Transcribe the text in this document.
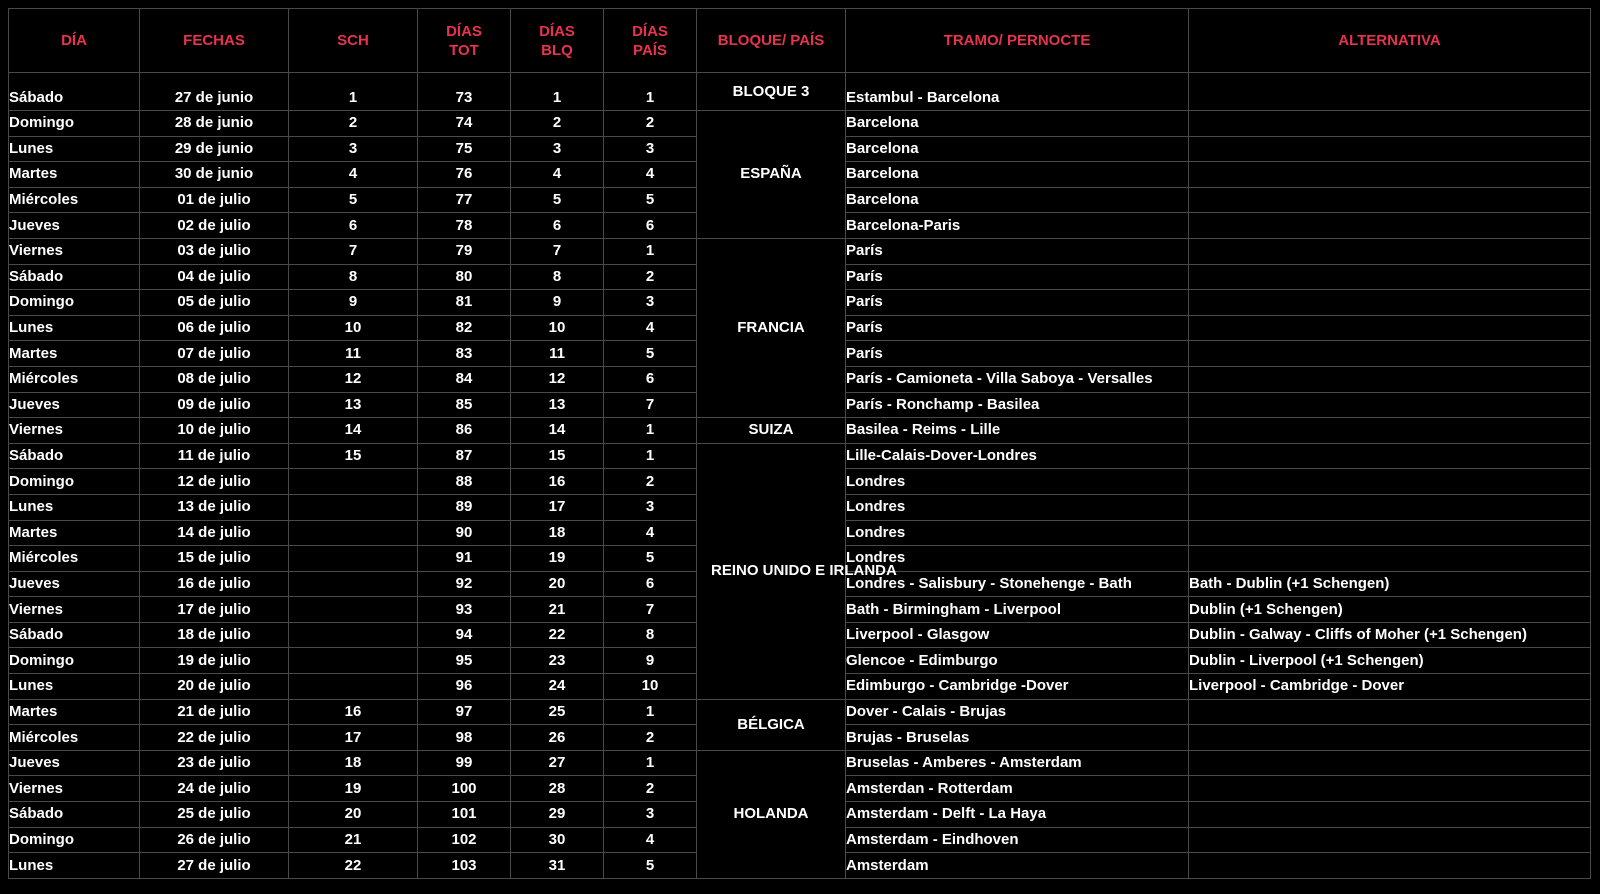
DÍA	FECHAS	SCH	DÍAS TOT	DÍAS BLQ	DÍAS PAÍS	BLOQUE/ PAÍS	TRAMO/ PERNOCTE	ALTERNATIVA
Sábado	27 de junio	1	73	1	1	BLOQUE 3	Estambul - Barcelona	
Domingo	28 de junio	2	74	2	2	ESPAÑA	Barcelona	
Lunes	29 de junio	3	75	3	3		Barcelona	
Martes	30 de junio	4	76	4	4		Barcelona	
Miércoles	01 de julio	5	77	5	5		Barcelona	
Jueves	02 de julio	6	78	6	6		Barcelona-Paris	
Viernes	03 de julio	7	79	7	1	FRANCIA	París	
Sábado	04 de julio	8	80	8	2		París	
Domingo	05 de julio	9	81	9	3		París	
Lunes	06 de julio	10	82	10	4		París	
Martes	07 de julio	11	83	11	5		París	
Miércoles	08 de julio	12	84	12	6		París - Camioneta - Villa Saboya - Versalles	
Jueves	09 de julio	13	85	13	7		París - Ronchamp - Basilea	
Viernes	10 de julio	14	86	14	1	SUIZA	Basilea - Reims - Lille	
Sábado	11 de julio	15	87	15	1	REINO UNIDO E IRLANDA	Lille-Calais-Dover-Londres	
Domingo	12 de julio		88	16	2		Londres	
Lunes	13 de julio		89	17	3		Londres	
Martes	14 de julio		90	18	4		Londres	
Miércoles	15 de julio		91	19	5		Londres	
Jueves	16 de julio		92	20	6		Londres - Salisbury - Stonehenge - Bath	Bath - Dublin (+1 Schengen)
Viernes	17 de julio		93	21	7		Bath - Birmingham - Liverpool	Dublin (+1 Schengen)
Sábado	18 de julio		94	22	8		Liverpool - Glasgow	Dublin - Galway - Cliffs of Moher (+1 Schengen)
Domingo	19 de julio		95	23	9		Glencoe - Edimburgo	Dublin - Liverpool (+1 Schengen)
Lunes	20 de julio		96	24	10		Edimburgo - Cambridge -Dover	Liverpool - Cambridge - Dover
Martes	21 de julio	16	97	25	1	BÉLGICA	Dover - Calais - Brujas	
Miércoles	22 de julio	17	98	26	2		Brujas - Bruselas	
Jueves	23 de julio	18	99	27	1	HOLANDA	Bruselas - Amberes - Amsterdam	
Viernes	24 de julio	19	100	28	2		Amsterdan - Rotterdam	
Sábado	25 de julio	20	101	29	3		Amsterdam - Delft - La Haya	
Domingo	26 de julio	21	102	30	4		Amsterdam - Eindhoven	
Lunes	27 de julio	22	103	31	5		Amsterdam	
